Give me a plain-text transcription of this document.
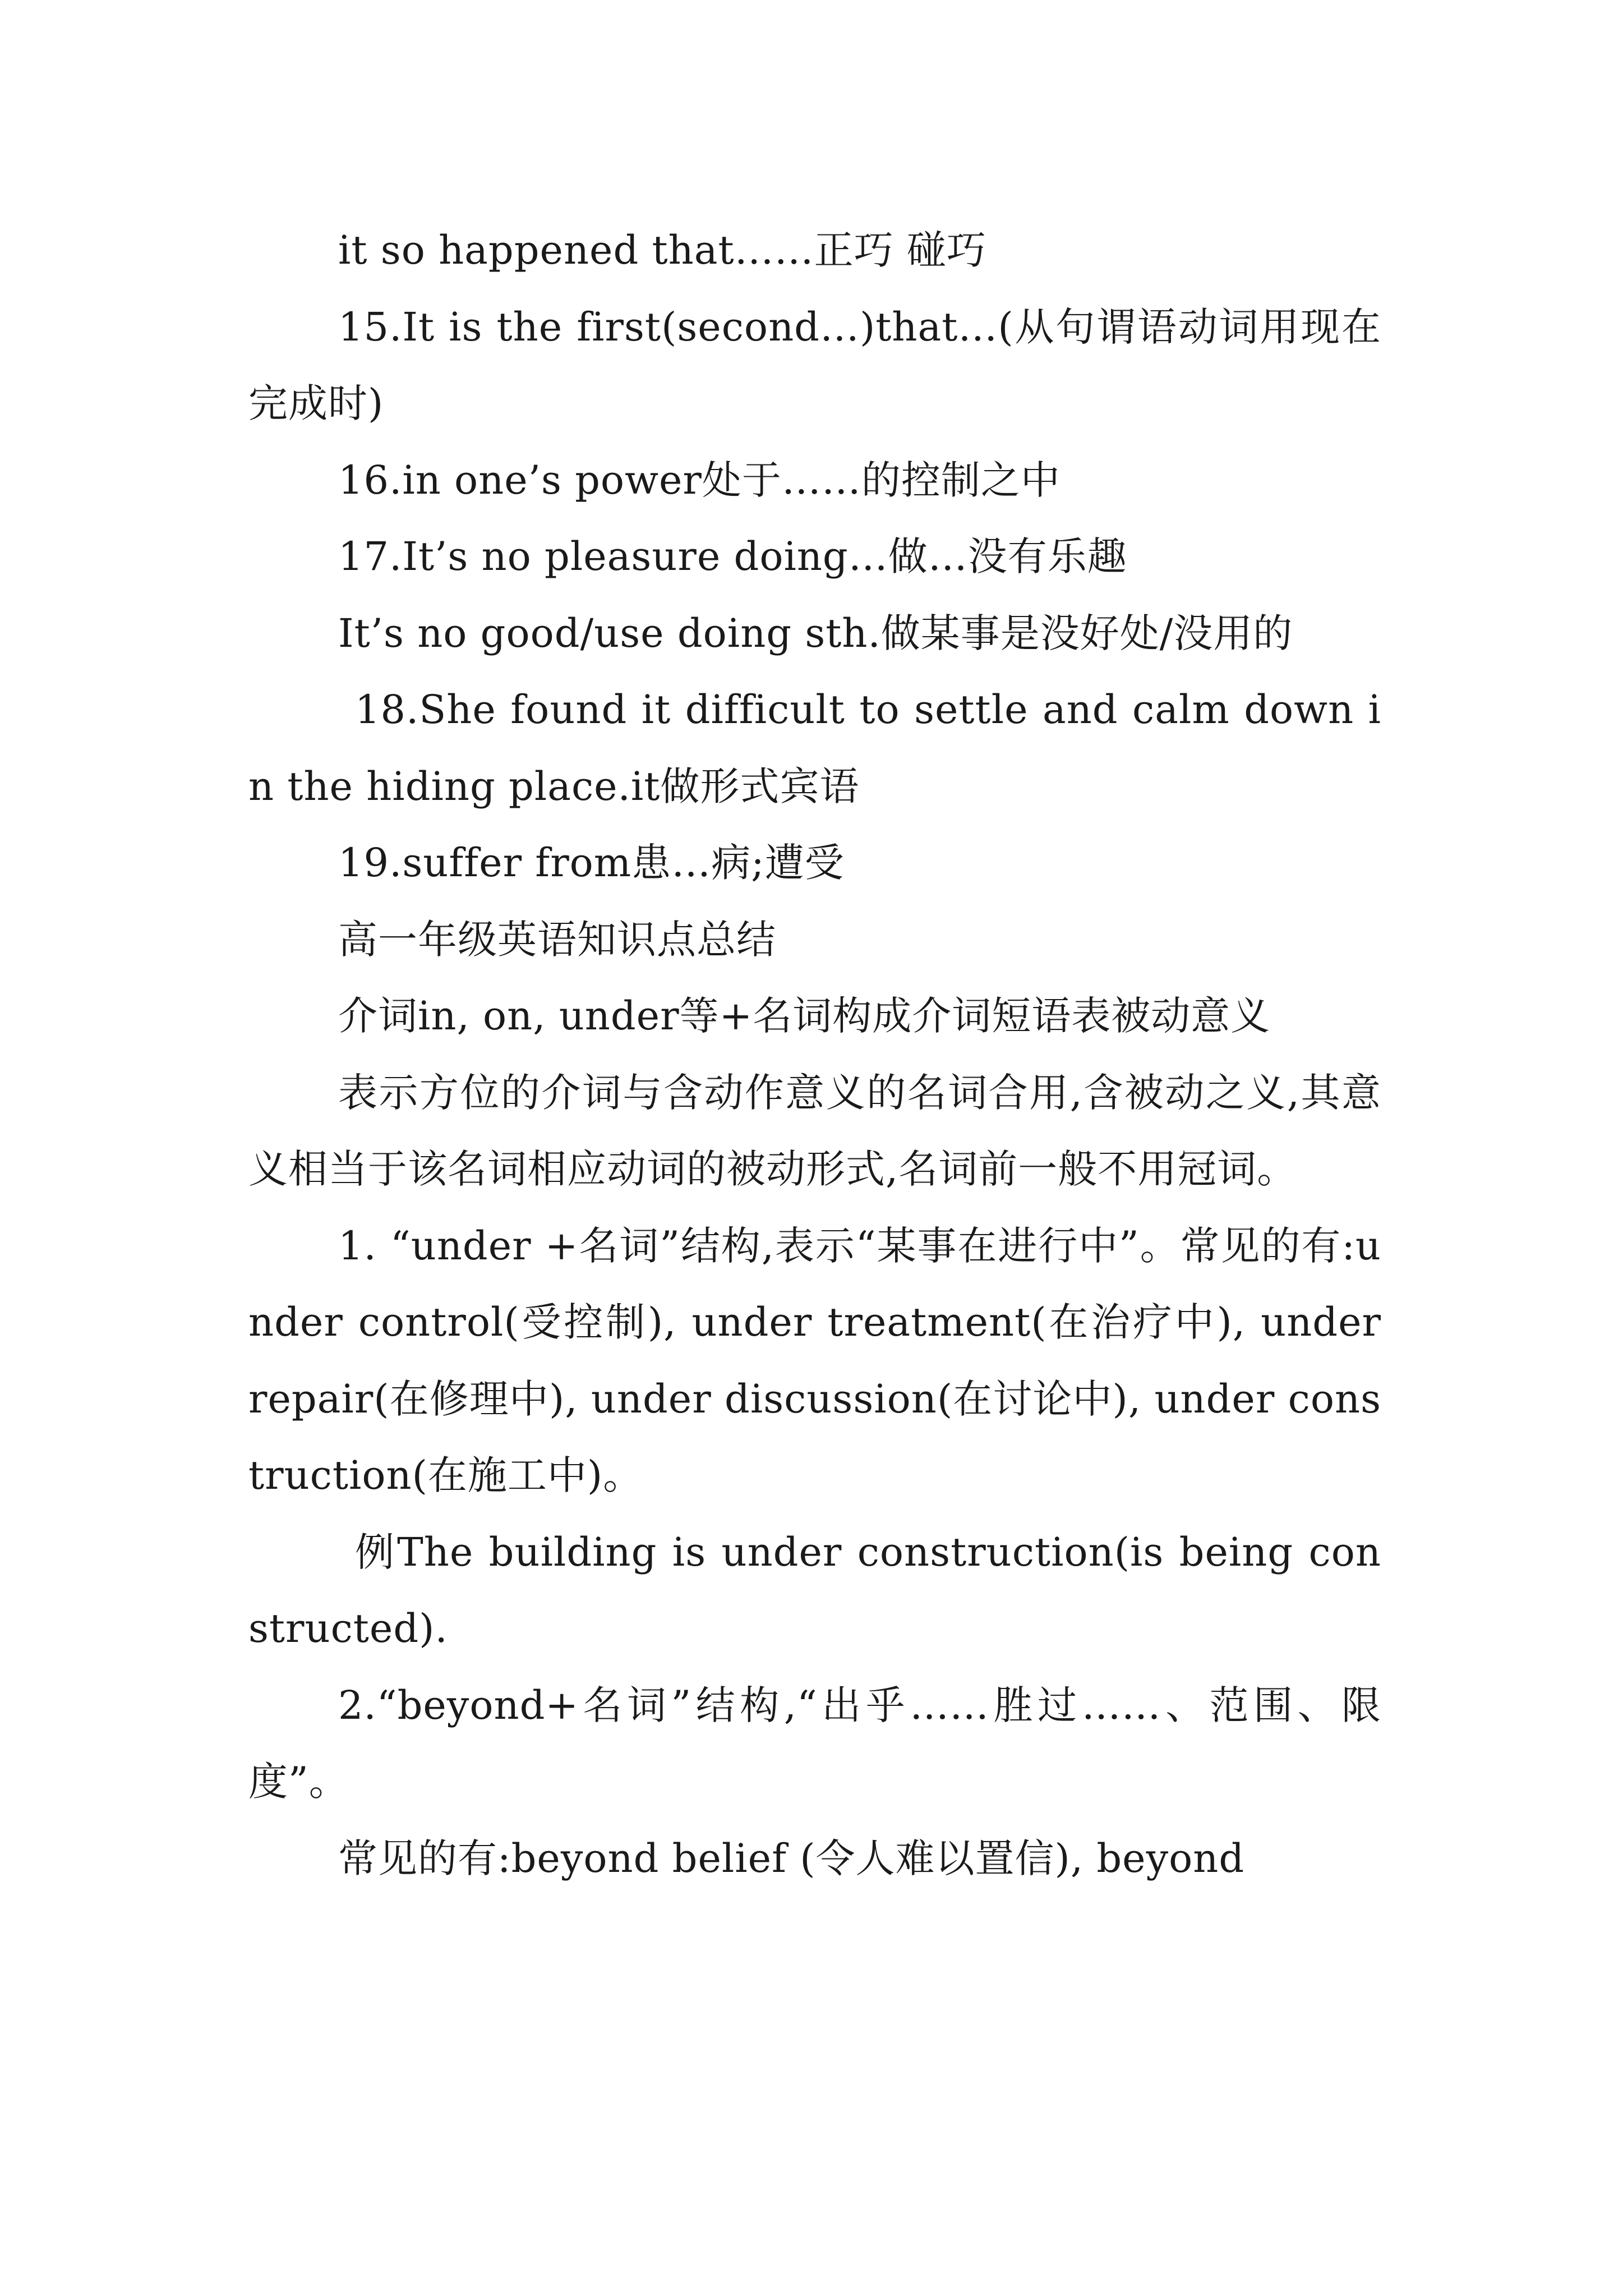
it so happened that……正巧 碰巧

15.It is the first(second…)that…(从句谓语动词用现在完成时)

16.in one’s power处于……的控制之中

17.It’s no pleasure doing…做…没有乐趣

It’s no good/use doing sth.做某事是没好处/没用的

18.She found it difficult to settle and calm down in the hiding place.it做形式宾语

19.suffer from患…病;遭受

高一年级英语知识点总结

介词in, on, under等+名词构成介词短语表被动意义

表示方位的介词与含动作意义的名词合用,含被动之义,其意义相当于该名词相应动词的被动形式,名词前一般不用冠词。

1. “under +名词”结构,表示“某事在进行中”。常见的有:under control(受控制), under treatment(在治疗中), under repair(在修理中), under discussion(在讨论中), under construction(在施工中)。

例The building is under construction(is being constructed).

2.“beyond+名词”结构,“出乎……胜过……、范围、限度”。

常见的有:beyond belief (令人难以置信), beyond
